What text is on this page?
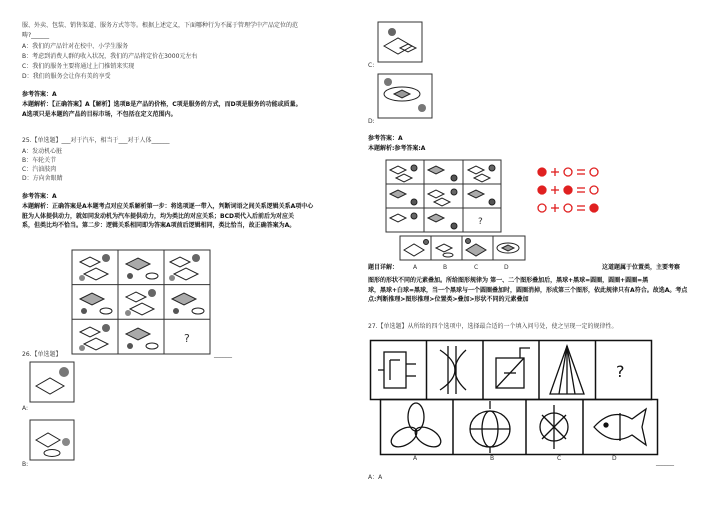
服、外卖、包装、销售渠道、服务方式等等。根据上述定义，下面哪种行为不属于管理学中产品定位的范
畴?______
A：我们的产品针对在校中、小学生服务
B：考虑到消费人群的收入状况，我们的产品将定价在3000元左右
C：我们的服务主要将通过上门推销来实现
D：我们的服务会让你有美的享受
参考答案：A
本题解析：【正确答案】A【解析】选项B是产品的价格，C项是服务的方式，而D项是服务的功能或质量。
A选项只是本题的产品的目标市场，不包括在定义范围内。
25.【单选题】___对于汽车，相当于___对于人体______
A：发动机心脏
B：车轮关节
C：汽油肢肉
D：方向舍眼睛
参考答案：A
本题解析：正确答案是A本题考点对应关系解析第一步：将选项逐一带入，判断词语之间关系逻辑关系A项中心
脏为人体提供动力，就如同发动机为汽车提供动力，均为类比的对应关系；BCD项代入后前后为对应关
系，但类比均不恰当。第二步：逻辑关系相同即为答案A项前后逻辑相同，类比恰当，故正确答案为A。
?
26.【单选题】	______
A:
B:
C:
D:
参考答案：A
本题解析:参考答案:A
?
题目详解： A	B	C	D	这道题属于位置类，主要考察
图形的形状不同的元素叠加。所给图形规律为 第一、二个图形叠加后，黑球+黑球=圆圈，圆圈+圆圈=黑
球，黑球+白球=黑球，当一个黑球与一个圆圈叠加时，圆圈消掉，形成第三个图形，依此规律只有A符合。故选A。考点
点:判断推理>图形推理>位置类>叠加>形状不同的元素叠加
27.【单选题】从所给的四个选项中，选择最合适的一个填入问号处，使之呈现一定的规律性。
?
A	B	C	D
______
A：A
